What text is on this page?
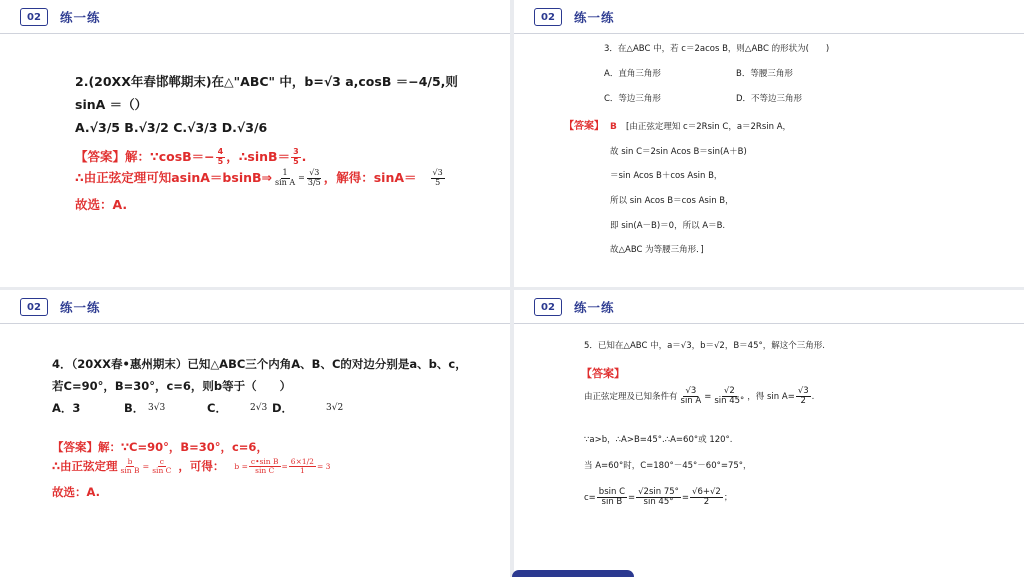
02	练一练
2.(20XX年春邯郸期末)在△"ABC" 中，b=√3 a,cosB ＝−4/5,则
sinA ＝（）
A.√3/5 B.√3/2 C.√3/3 D.√3/6
【答案】解：∵cosB＝− $\frac{4}{5}$ ，∴sinB＝ $\frac{3}{5}$ .
∴由正弦定理可知asinA＝bsinB⇒ $\frac{1}{\text{sin A}} = \frac{√3}{3/5}$ ，解得：$\sin A= \frac{√3}{5}$
故选：A.
02	练一练
3．在△ABC 中，若 c＝2acos B，则△ABC 的形状为(　　)
A．直角三角形	B．等腰三角形
C．等边三角形	D．不等边三角形
【答案】 B [由正弦定理知 c＝2Rsin C，a＝2Rsin A，
故 sin C＝2sin Acos B＝sin(A＋B)
＝sin Acos B＋cos Asin B，
所以 sin Acos B＝cos Asin B，
即 sin(A－B)＝0，所以 A＝B.
故△ABC 为等腰三角形．]
02	练一练
4．（20XX春•惠州期末）已知△ABC三个内角A、B、C的对边分别是a、b、c，
若C=90°，B=30°，c=6，则b等于（　　）
A．3	B． 3√3	C．	2√3 D．	3√2
【答案】解：∵C=90°，B=30°，c=6，
∴由正弦定理 $\frac{b}{\text{sin B}} = \frac{c}{\text{sin C}}$ ，可得： $b = \frac{\text{c•sin B}}{\text{sin C}} = \frac{6\times 1/2}{1} = 3$
故选：A.
02	练一练
5．已知在△ABC 中，a＝√3，b＝√2，B＝45°，解这个三角形.
【答案】
由正弦定理及已知条件有 $\frac{√3}{\text{sin A}} = \frac{√2}{\sin 45^\circ}$ ，得 $\sin A= \frac{√3}{2}$ .
∵a>b，∴A>B=45°.∴A=60°或 120°.
当 A=60°时，C=180°－45°－60°=75°，
$c= \frac{\text{bsin C}}{\text{sin B}} = \frac{√2\sin 75^\circ}{\sin 45^\circ} = \frac{√6+√2}{2}$ ；
